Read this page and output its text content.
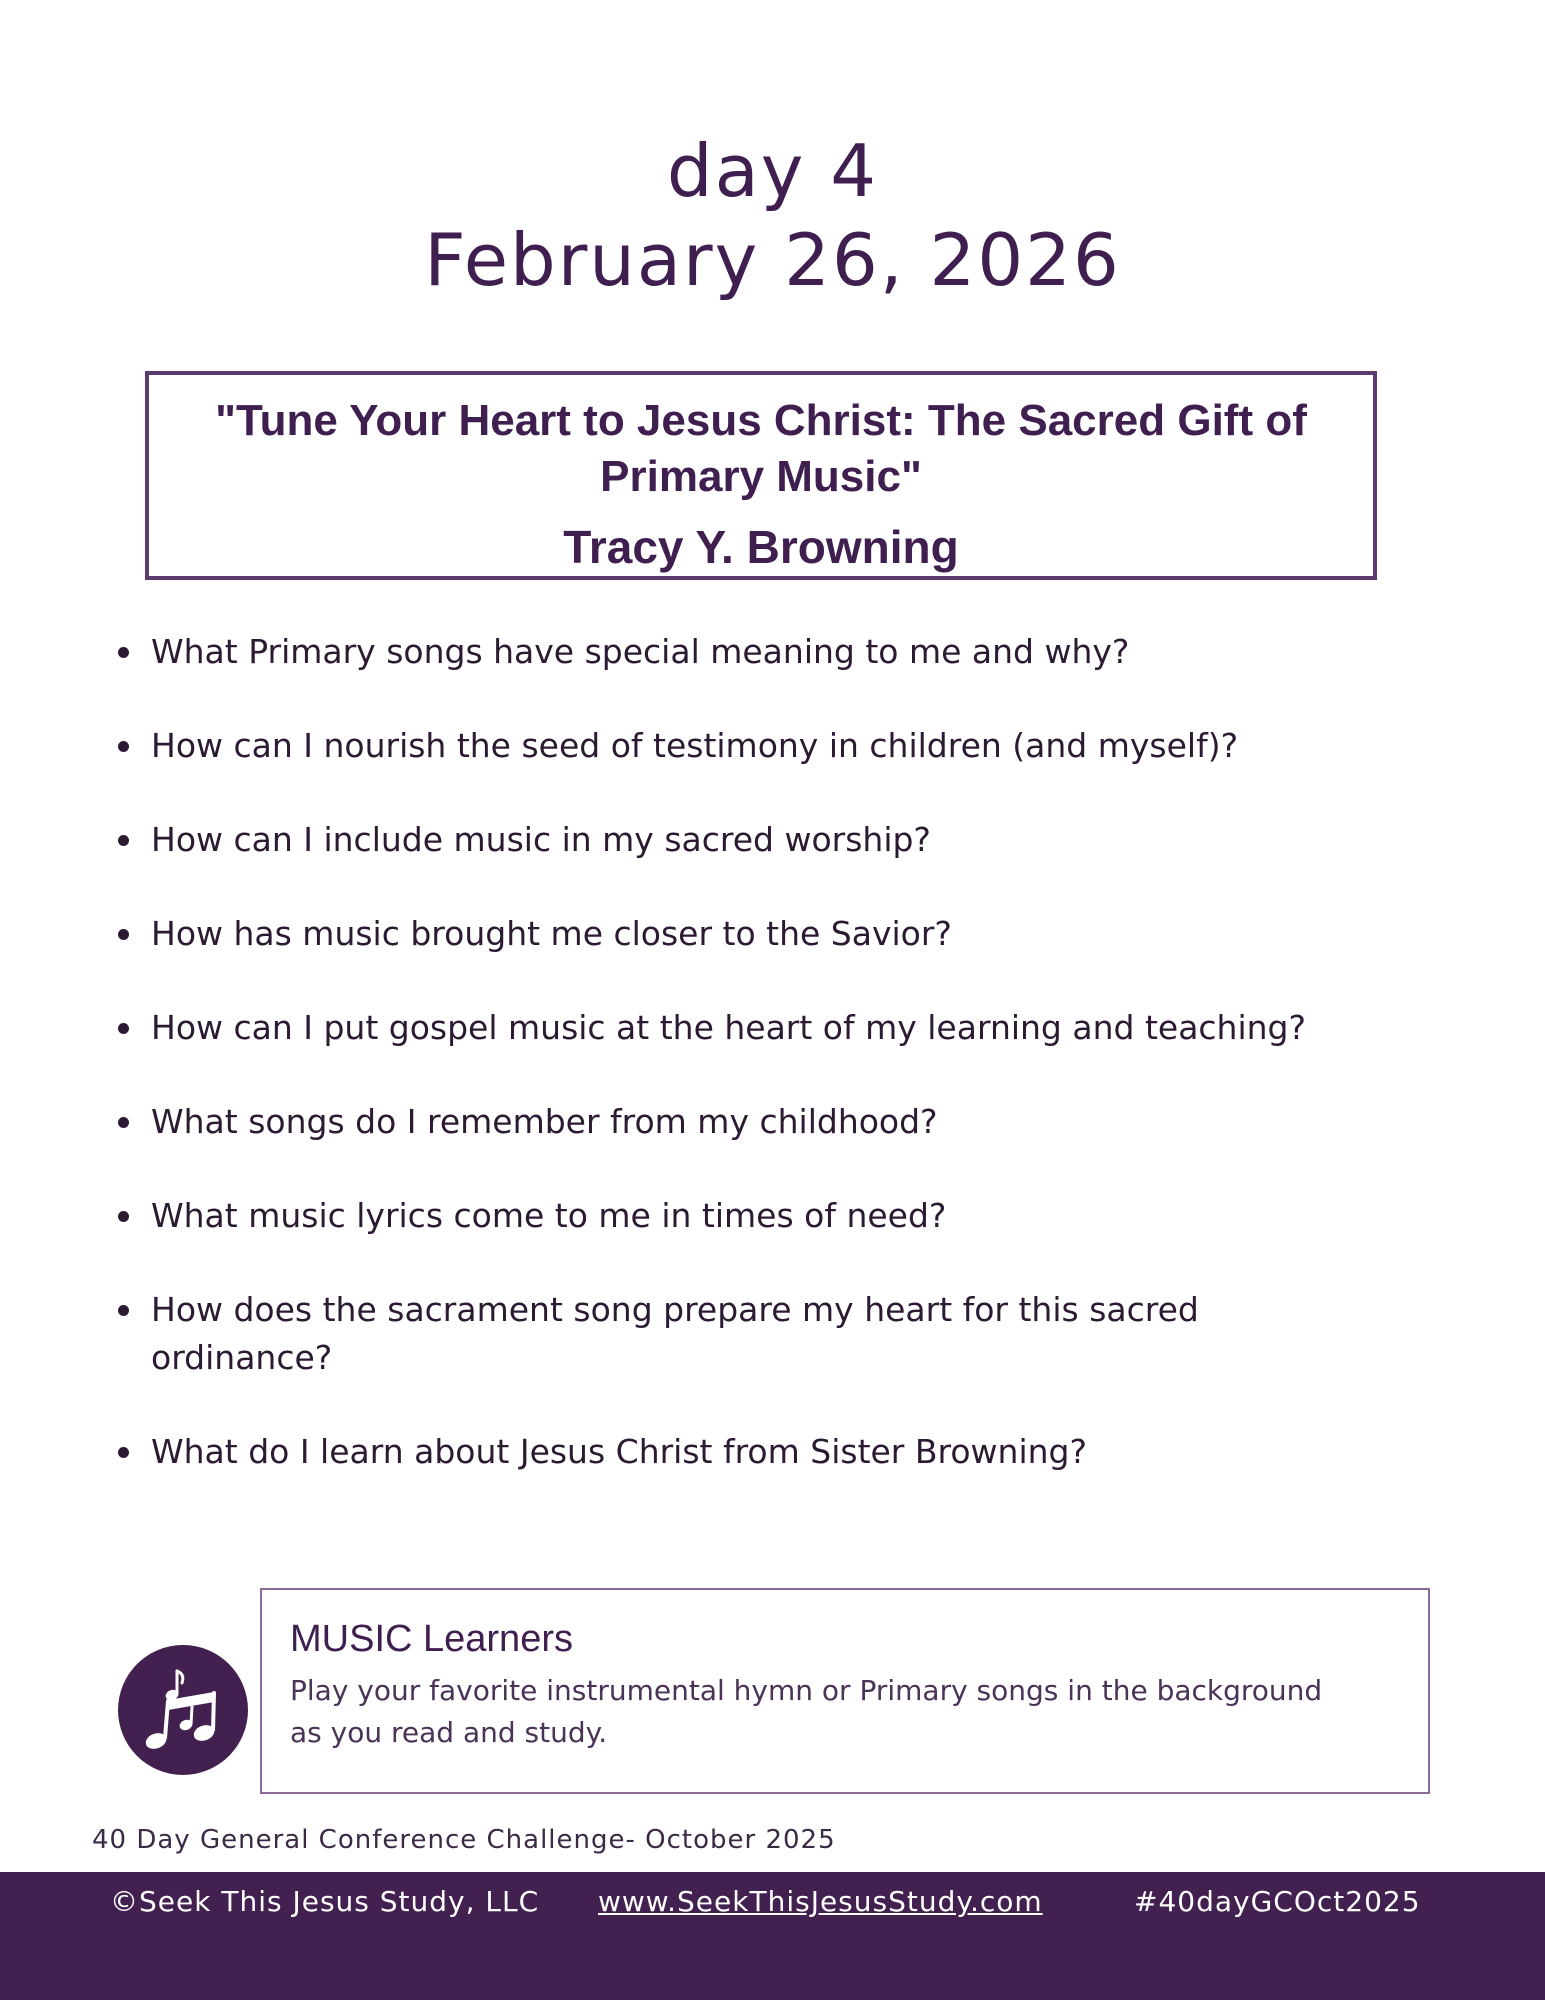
day 4
February 26, 2026
"Tune Your Heart to Jesus Christ: The Sacred Gift of Primary Music"
Tracy Y. Browning
What Primary songs have special meaning to me and why?
How can I nourish the seed of testimony in children (and myself)?
How can I include music in my sacred worship?
How has music brought me closer to the Savior?
How can I put gospel music at the heart of my learning and teaching?
What songs do I remember from my childhood?
What music lyrics come to me in times of need?
How does the sacrament song prepare my heart for this sacred ordinance?
What do I learn about Jesus Christ from Sister Browning?
MUSIC Learners
Play your favorite instrumental hymn or Primary songs in the background as you read and study.
40 Day General Conference Challenge- October 2025
©Seek This Jesus Study, LLC www.SeekThisJesusStudy.com	#40dayGCOct2025
